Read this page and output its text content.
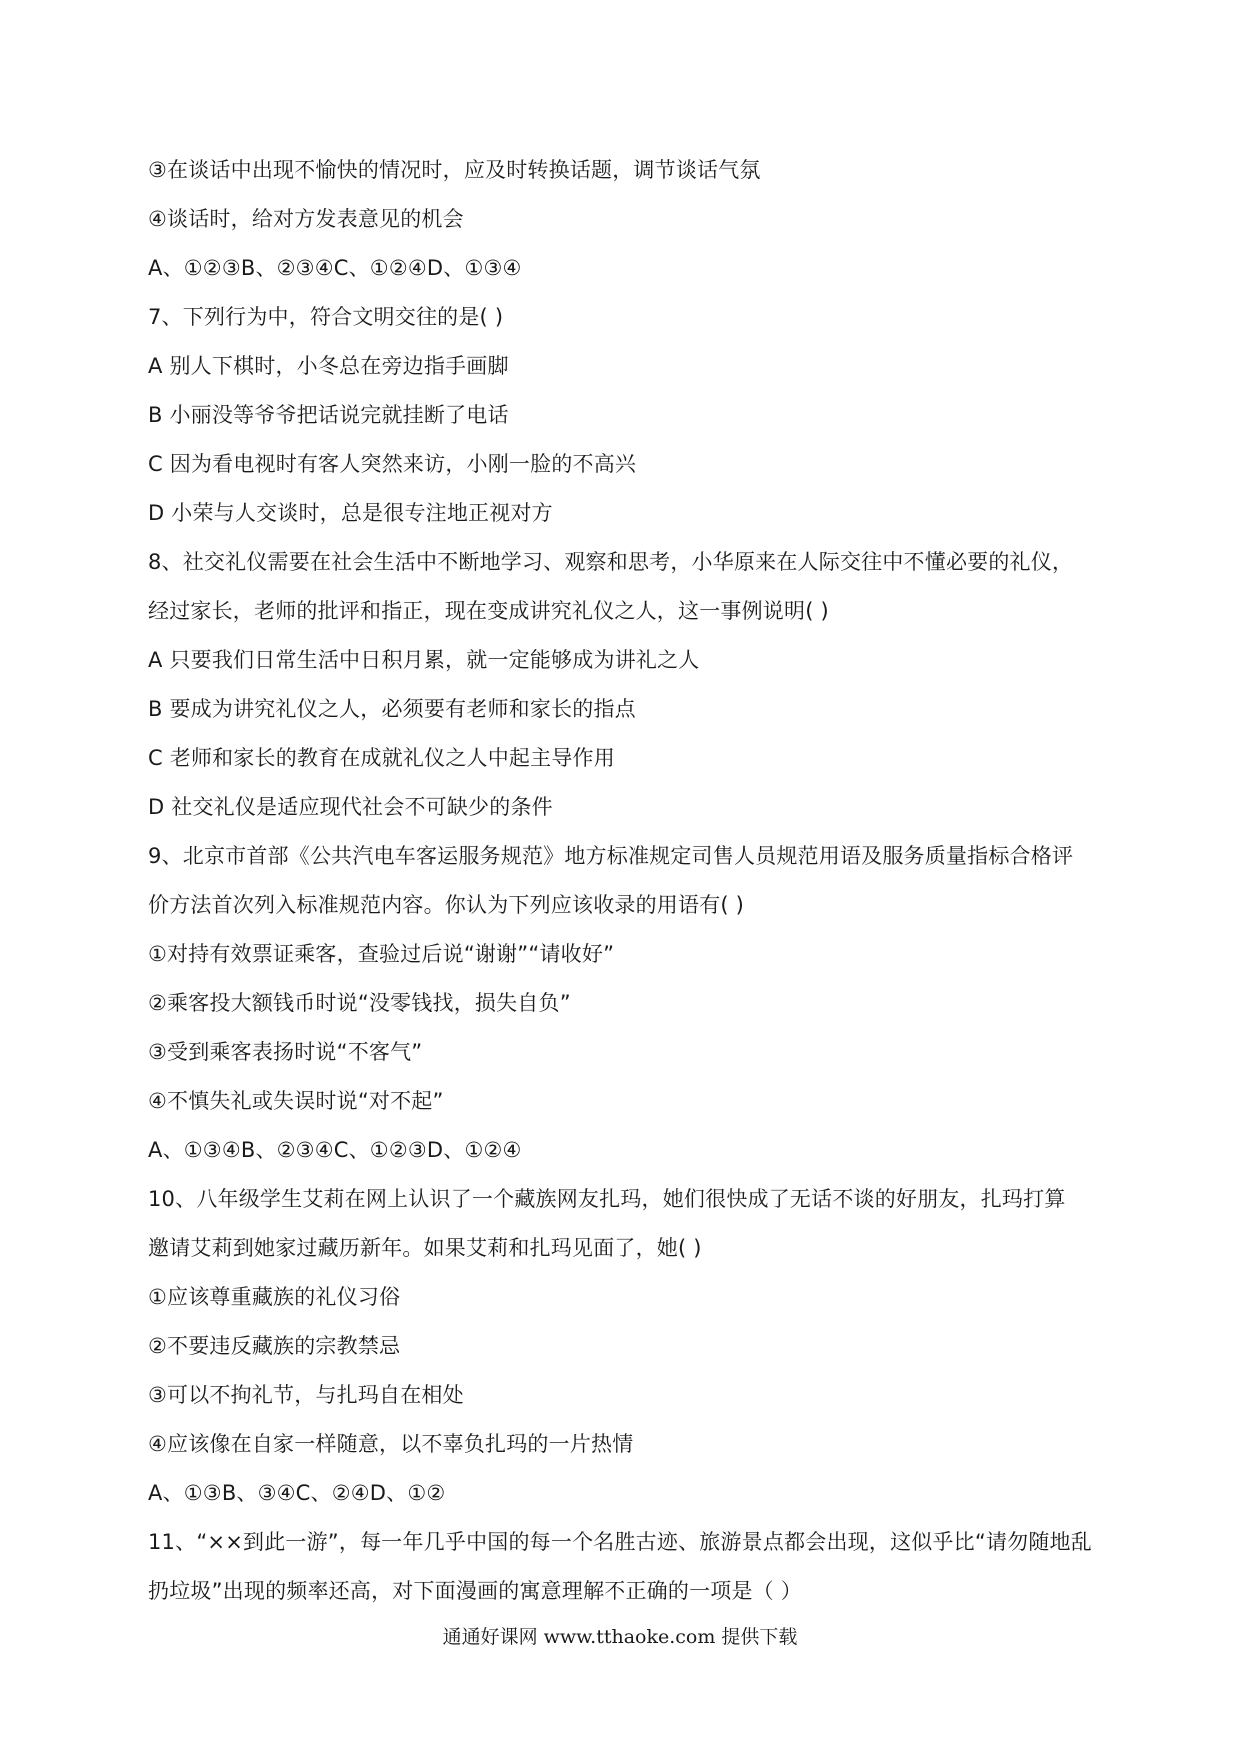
③在谈话中出现不愉快的情况时，应及时转换话题，调节谈话气氛
④谈话时，给对方发表意见的机会
A、①②③B、②③④C、①②④D、①③④
7、下列行为中，符合文明交往的是( )
A 别人下棋时，小冬总在旁边指手画脚
B 小丽没等爷爷把话说完就挂断了电话
C 因为看电视时有客人突然来访，小刚一脸的不高兴
D 小荣与人交谈时，总是很专注地正视对方
8、社交礼仪需要在社会生活中不断地学习、观察和思考，小华原来在人际交往中不懂必要的礼仪，
经过家长，老师的批评和指正，现在变成讲究礼仪之人，这一事例说明( )
A 只要我们日常生活中日积月累，就一定能够成为讲礼之人
B 要成为讲究礼仪之人，必须要有老师和家长的指点
C 老师和家长的教育在成就礼仪之人中起主导作用
D 社交礼仪是适应现代社会不可缺少的条件
9、北京市首部《公共汽电车客运服务规范》地方标准规定司售人员规范用语及服务质量指标合格评
价方法首次列入标准规范内容。你认为下列应该收录的用语有( )
①对持有效票证乘客，查验过后说“谢谢”“请收好”
②乘客投大额钱币时说“没零钱找，损失自负”
③受到乘客表扬时说“不客气”
④不慎失礼或失误时说“对不起”
A、①③④B、②③④C、①②③D、①②④
10、八年级学生艾莉在网上认识了一个藏族网友扎玛，她们很快成了无话不谈的好朋友，扎玛打算
邀请艾莉到她家过藏历新年。如果艾莉和扎玛见面了，她( )
①应该尊重藏族的礼仪习俗
②不要违反藏族的宗教禁忌
③可以不拘礼节，与扎玛自在相处
④应该像在自家一样随意，以不辜负扎玛的一片热情
A、①③B、③④C、②④D、①②
11、“××到此一游”，每一年几乎中国的每一个名胜古迹、旅游景点都会出现，这似乎比“请勿随地乱
扔垃圾”出现的频率还高，对下面漫画的寓意理解不正确的一项是（ ）
通通好课网 www.tthaoke.com 提供下载
